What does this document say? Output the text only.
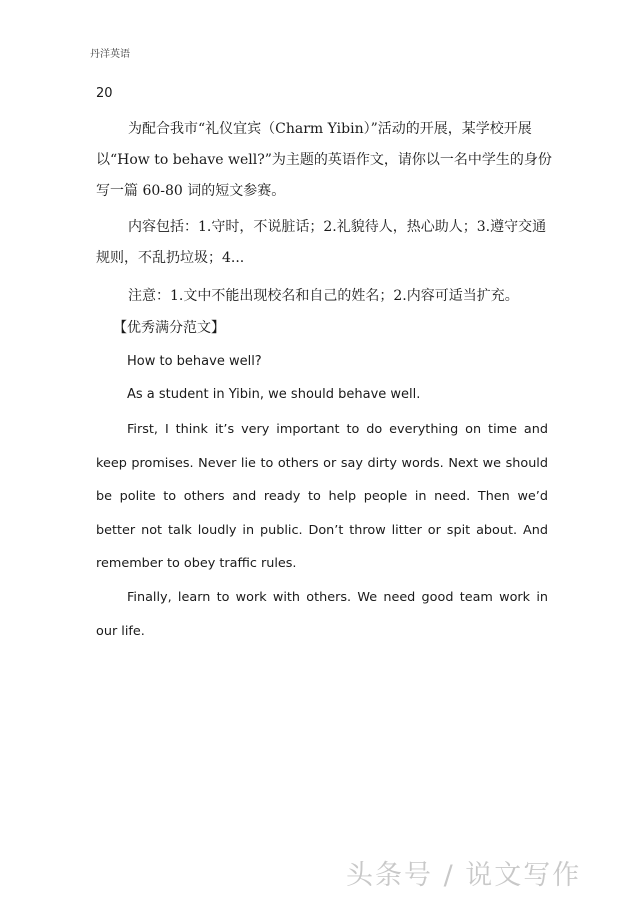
丹洋英语
20

为配合我市“礼仪宜宾（Charm Yibin）”活动的开展，某学校开展以“How to behave well?”为主题的英语作文，请你以一名中学生的身份写一篇 60-80 词的短文参赛。

内容包括：1.守时，不说脏话；2.礼貌待人，热心助人；3.遵守交通规则，不乱扔垃圾；4...

注意：1.文中不能出现校名和自己的姓名；2.内容可适当扩充。

【优秀满分范文】
How to behave well?
As a student in Yibin, we should behave well.

First, I think it’s very important to do everything on time and keep promises. Never lie to others or say dirty words. Next we should be polite to others and ready to help people in need. Then we’d better not talk loudly in public. Don’t throw litter or spit about. And remember to obey traffic rules.

Finally, learn to work with others. We need good team work in our life.

头条号 / 说文写作
